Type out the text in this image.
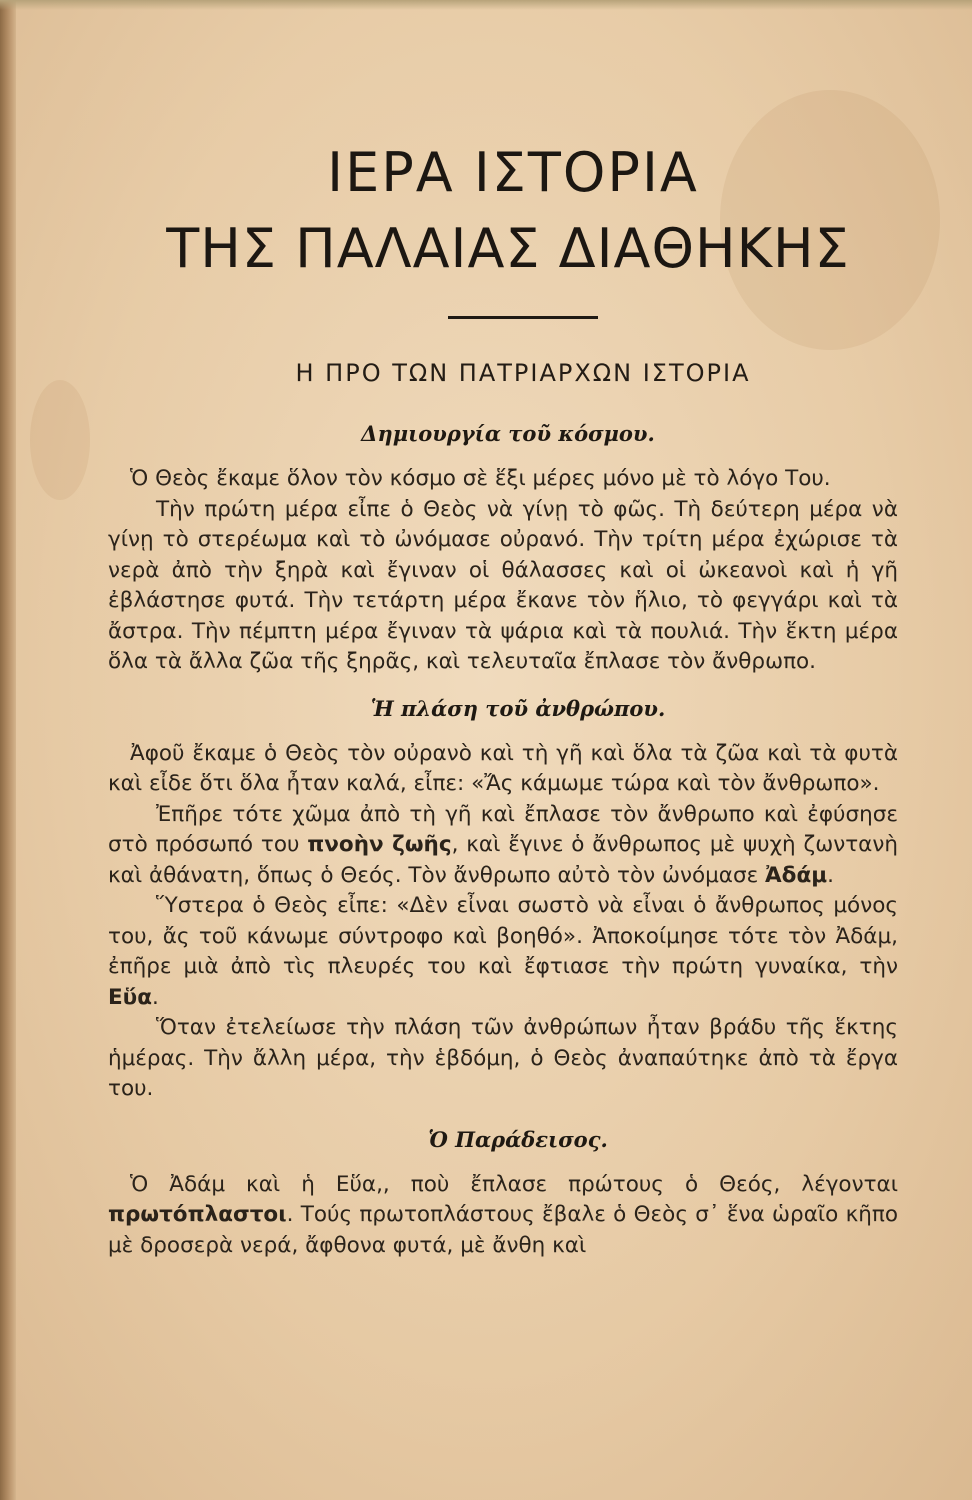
ΙΕΡΑ ΙΣΤΟΡΙΑ
ΤΗΣ ΠΑΛΑΙΑΣ ΔΙΑΘΗΚΗΣ
Η ΠΡΟ ΤΩΝ ΠΑΤΡΙΑΡΧΩΝ ΙΣΤΟΡΙΑ
Δημιουργία τοῦ κόσμου.

Ὁ Θεὸς ἔκαμε ὅλον τὸν κόσμο σὲ ἕξι μέρες μόνο μὲ τὸ λόγο Του.

Τὴν πρώτη μέρα εἶπε ὁ Θεὸς νὰ γίνῃ τὸ φῶς. Τὴ δεύτερη μέρα νὰ γίνῃ τὸ στερέωμα καὶ τὸ ὠνόμασε οὐρανό. Τὴν τρίτη μέρα ἐχώρισε τὰ νερὰ ἀπὸ τὴν ξηρὰ καὶ ἔγιναν οἱ θάλασσες καὶ οἱ ὠκεανοὶ καὶ ἡ γῆ ἐβλάστησε φυτά. Τὴν τετάρτη μέρα ἔκανε τὸν ἥλιο, τὸ φεγγάρι καὶ τὰ ἄστρα. Τὴν πέμπτη μέρα ἔγιναν τὰ ψάρια καὶ τὰ πουλιά. Τὴν ἕκτη μέρα ὅλα τὰ ἄλλα ζῶα τῆς ξηρᾶς, καὶ τελευταῖα ἔπλασε τὸν ἄνθρωπο.

Ἡ πλάση τοῦ ἀνθρώπου.

Ἀφοῦ ἔκαμε ὁ Θεὸς τὸν οὐρανὸ καὶ τὴ γῆ καὶ ὅλα τὰ ζῶα καὶ τὰ φυτὰ καὶ εἶδε ὅτι ὅλα ἦταν καλά, εἶπε: «Ἄς κάμωμε τώρα καὶ τὸν ἄνθρωπο».

Ἐπῆρε τότε χῶμα ἀπὸ τὴ γῆ καὶ ἔπλασε τὸν ἄνθρωπο καὶ ἐφύσησε στὸ πρόσωπό του πνοὴν ζωῆς, καὶ ἔγινε ὁ ἄνθρωπος μὲ ψυχὴ ζωντανὴ καὶ ἀθάνατη, ὅπως ὁ Θεός. Τὸν ἄνθρωπο αὐτὸ τὸν ὠνόμασε Ἀδάμ.

Ὕστερα ὁ Θεὸς εἶπε: «Δὲν εἶναι σωστὸ νὰ εἶναι ὁ ἄνθρωπος μόνος του, ἄς τοῦ κάνωμε σύντροφο καὶ βοηθό». Ἀποκοίμησε τότε τὸν Ἀδάμ, ἐπῆρε μιὰ ἀπὸ τὶς πλευρές του καὶ ἔφτιασε τὴν πρώτη γυναίκα, τὴν Εὕα.

Ὅταν ἐτελείωσε τὴν πλάση τῶν ἀνθρώπων ἦταν βράδυ τῆς ἕκτης ἡμέρας. Τὴν ἄλλη μέρα, τὴν ἑβδόμη, ὁ Θεὸς ἀναπαύτηκε ἀπὸ τὰ ἔργα του.

Ὁ Παράδεισος.

Ὁ Ἀδάμ καὶ ἡ Εὕα,, ποὺ ἔπλασε πρώτους ὁ Θεός, λέγονται πρωτόπλαστοι. Τούς πρωτοπλάστους ἔβαλε ὁ Θεὸς σ᾽ ἕνα ὡραῖο κῆπο μὲ δροσερὰ νερά, ἄφθονα φυτά, μὲ ἄνθη καὶ
